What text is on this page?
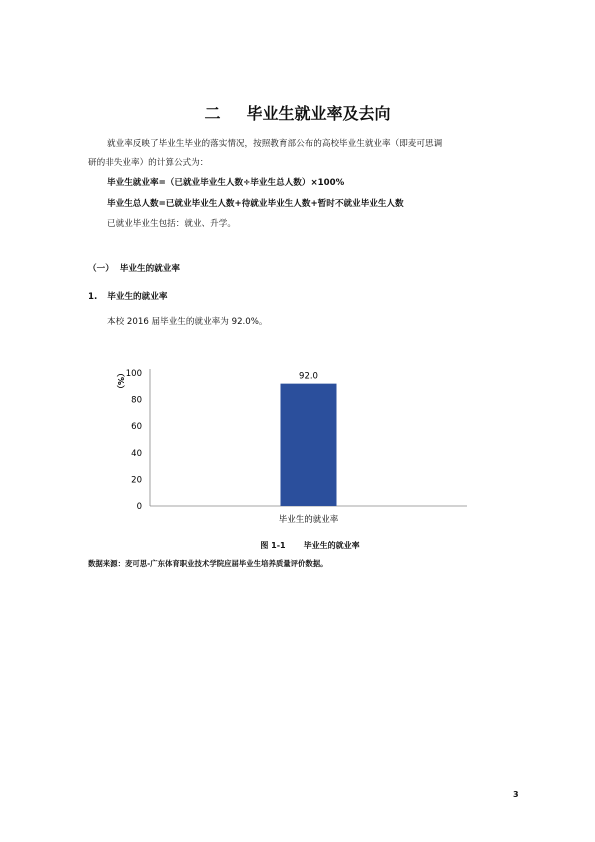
二 毕业生就业率及去向
就业率反映了毕业生毕业的落实情况，按照教育部公布的高校毕业生就业率（即麦可思调
研的非失业率）的计算公式为：
毕业生就业率=（已就业毕业生人数÷毕业生总人数）×100%
毕业生总人数=已就业毕业生人数+待就业毕业生人数+暂时不就业毕业生人数
已就业毕业生包括：就业、升学。
（一） 毕业生的就业率
1. 毕业生的就业率
本校 2016 届毕业生的就业率为 92.0%。
（%）
0
20
40
60
80
100	92.0
毕业生的就业率
图 1-1 毕业生的就业率
数据来源：麦可思-广东体育职业技术学院应届毕业生培养质量评价数据。
3
